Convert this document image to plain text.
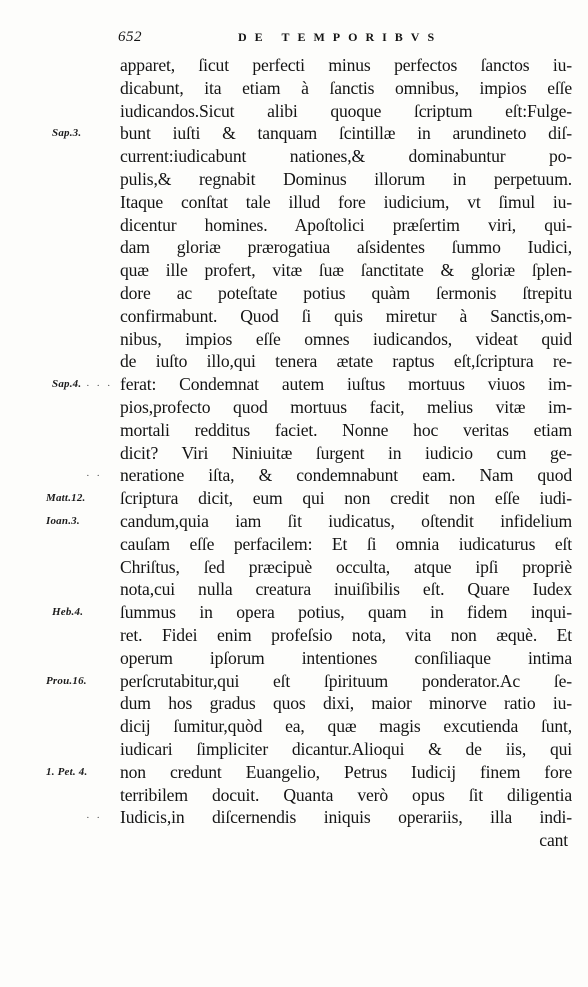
652	DE TEMPORIBVS
Sap.3.
Sap.4.
Matt.12.
Ioan.3.
Heb.4.
Prou.16.
1. Pet. 4.
apparet, ſicut perfecti minus perfectos ſanctos iu-
dicabunt, ita etiam à ſanctis omnibus, impios eſſe
iudicandos.Sicut alibi quoque ſcriptum eſt:Fulge-
bunt iuſti & tanquam ſcintillæ in arundineto diſ-
current:iudicabunt nationes,& dominabuntur po-
pulis,& regnabit Dominus illorum in perpetuum.
Itaque conſtat tale illud fore iudicium, vt ſimul iu-
dicentur homines. Apoſtolici præſertim viri, qui-
dam gloriæ prærogatiua aſsidentes ſummo Iudici,
quæ ille profert, vitæ ſuæ ſanctitate & gloriæ ſplen-
dore ac poteſtate potius quàm ſermonis ſtrepitu
confirmabunt. Quod ſi quis miretur à Sanctis,om-
nibus, impios eſſe omnes iudicandos, videat quid
de iuſto illo,qui tenera ætate raptus eſt,ſcriptura re-
ferat: Condemnat autem iuſtus mortuus viuos im-
pios,profecto quod mortuus facit, melius vitæ im-
mortali redditus faciet. Nonne hoc veritas etiam
dicit? Viri Niniuitæ ſurgent in iudicio cum ge-
neratione iſta, & condemnabunt eam. Nam quod
ſcriptura dicit, eum qui non credit non eſſe iudi-
candum,quia iam ſit iudicatus, oſtendit infidelium
cauſam eſſe perfacilem: Et ſi omnia iudicaturus eſt
Chriſtus, ſed præcipuè occulta, atque ipſi propriè
nota,cui nulla creatura inuiſibilis eſt. Quare Iudex
ſummus in opera potius, quam in fidem inqui-
ret. Fidei enim profeſsio nota, vita non æquè. Et
operum ipſorum intentiones conſiliaque intima
perſcrutabitur,qui eſt ſpirituum ponderator.Ac ſe-
dum hos gradus quos dixi, maior minorve ratio iu-
dicij ſumitur,quòd ea, quæ magis excutienda ſunt,
iudicari ſimpliciter dicantur.Alioqui & de iis, qui
non credunt Euangelio, Petrus Iudicij finem fore
terribilem docuit. Quanta verò opus ſit diligentia
Iudicis,in diſcernendis iniquis operariis, illa indi-
cant
· · ·
· ·
· ·
